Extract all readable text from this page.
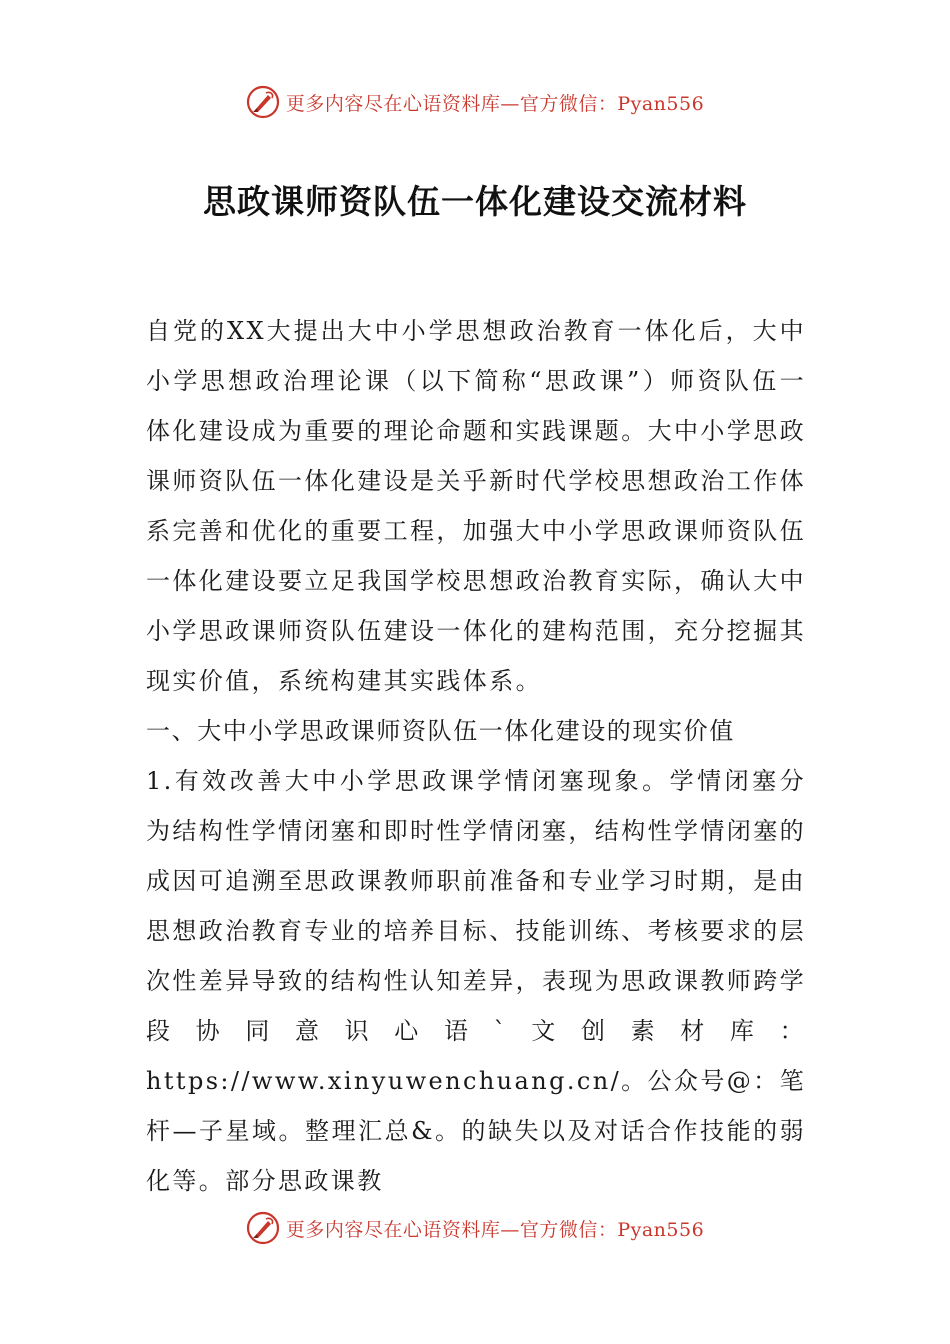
更多内容尽在心语资料库—官方微信：Pyan556
思政课师资队伍一体化建设交流材料

自党的XX大提出大中小学思想政治教育一体化后，大中小学思想政治理论课（以下简称“思政课”）师资队伍一体化建设成为重要的理论命题和实践课题。大中小学思政课师资队伍一体化建设是关乎新时代学校思想政治工作体系完善和优化的重要工程，加强大中小学思政课师资队伍一体化建设要立足我国学校思想政治教育实际，确认大中小学思政课师资队伍建设一体化的建构范围，充分挖掘其现实价值，系统构建其实践体系。

一、大中小学思政课师资队伍一体化建设的现实价值

1.有效改善大中小学思政课学情闭塞现象。学情闭塞分为结构性学情闭塞和即时性学情闭塞，结构性学情闭塞的成因可追溯至思政课教师职前准备和专业学习时期，是由思想政治教育专业的培养目标、技能训练、考核要求的层次性差异导致的结构性认知差异，表现为思政课教师跨学段协同意识心语`文创素材库：https://www.xinyuwenchuang.cn/。公众号@：笔杆—子星域。整理汇总&。的缺失以及对话合作技能的弱化等。部分思政课教

更多内容尽在心语资料库—官方微信：Pyan556
